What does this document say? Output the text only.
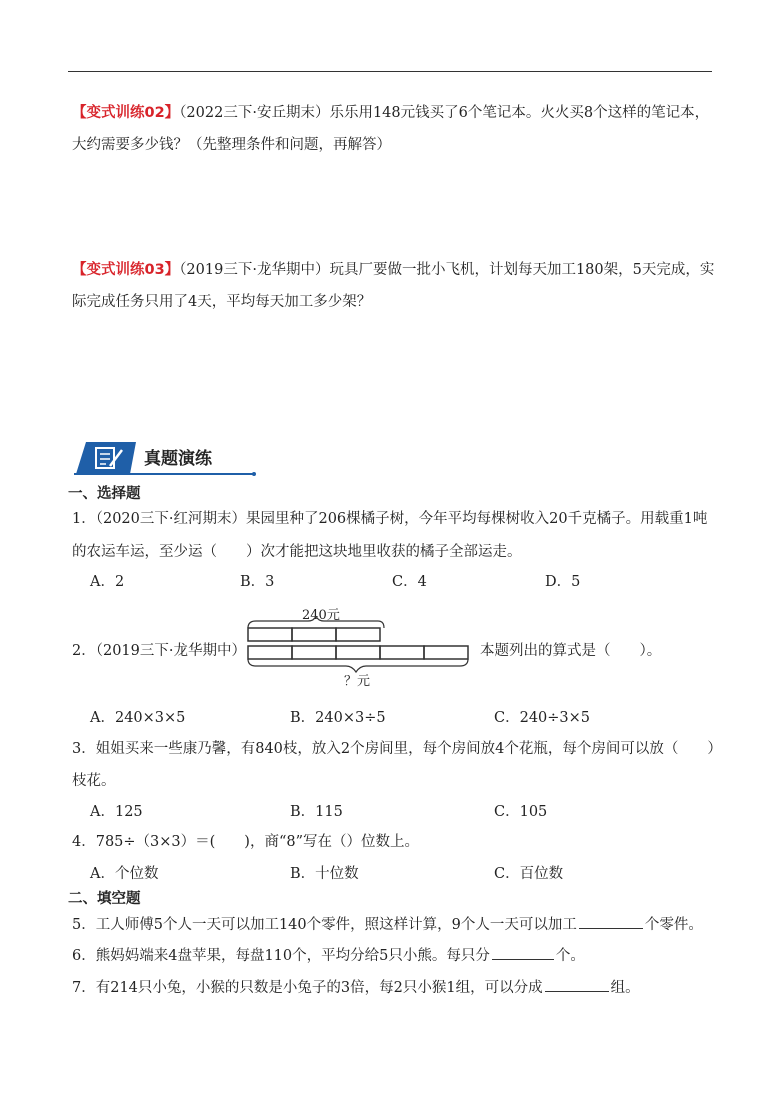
【变式训练02】（2022三下·安丘期末）乐乐用148元钱买了6个笔记本。火火买8个这样的笔记本，
大约需要多少钱？（先整理条件和问题，再解答）
【变式训练03】（2019三下·龙华期中）玩具厂要做一批小飞机，计划每天加工180架，5天完成，实
际完成任务只用了4天，平均每天加工多少架？
真题演练
一、选择题
1．（2020三下·红河期末）果园里种了206棵橘子树，今年平均每棵树收入20千克橘子。用载重1吨
的农运车运，至少运（　　）次才能把这块地里收获的橘子全部运走。
A．2	B．3	C．4	D．5
2．（2019三下·龙华期中）
240元
？元
本题列出的算式是（　　）。
A．240×3×5	B．240×3÷5	C．240÷3×5
3．姐姐买来一些康乃馨，有840枝，放入2个房间里，每个房间放4个花瓶，每个房间可以放（　　）
枝花。
A．125	B．115	C．105
4．785÷（3×3）＝(　　)，商“8”写在（）位数上。
A．个位数	B．十位数	C．百位数
二、填空题
5．工人师傅5个人一天可以加工140个零件，照这样计算，9个人一天可以加工	个零件。
6．熊妈妈端来4盘苹果，每盘110个，平均分给5只小熊。每只分	个。
7．有214只小兔，小猴的只数是小兔子的3倍，每2只小猴1组，可以分成	组。
